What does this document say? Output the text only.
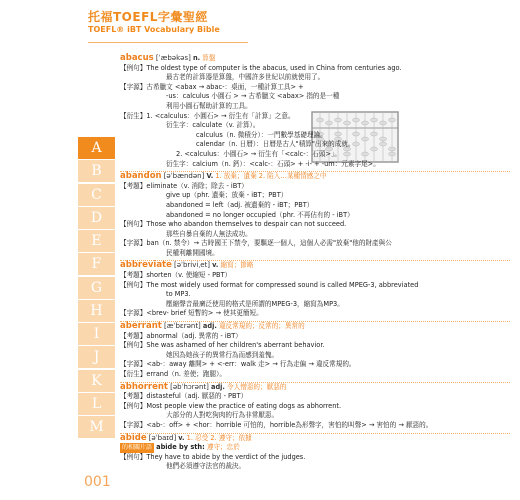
托福TOEFL字彙聖經
TOEFL® iBT Vocabulary Bible
A
B
C
D
E
F
G
H
I
J
K
L
M
001
abacus [ˈæbəkəs] n. 算盤
【例句】The oldest type of computer is the abacus, used in China from centuries ago.
最古老的計算器是算盤，中國許多世紀以前就使用了。
【字源】古希臘文 <abax → abac-：桌面，一種計算工具> +
-us：calculus 小圓石 > → 古希臘文 <abax> 指的是一種
利用小圓石幫助計算的工具。
【衍生】1. <calculus：小圓石> → 衍生有「計算」之意。
衍生字：calculate（v. 計算）。
calculus（n. 微積分）：一門數學基礎理論。
calendar（n. 日曆）：日曆是古人"積算"出來的成就。
2. <calculus：小圓石> → 衍生有「<calc-：石頭>」。
衍生字：calcium（n. 鈣）：<calc-：石頭> + -i- + -um：元素字尾>。
abandon [əˈbændən] V. 1. 放棄；遺棄 2. 陷入…某種情感之中
【考題】eliminate（v. 消除；除去 - iBT）
give up（phr. 遺棄；放棄 - iBT；PBT）
abandoned = left（adj. 被遺棄的 - iBT；PBT）
abandoned = no longer occupied（phr. 不再佔有的 - iBT）
【例句】Those who abandon themselves to despair can not succeed.
那些自暴自棄的人無法成功。
【字源】ban（n. 禁令）→ 古時國王下禁令，要驅逐一個人，這個人必需"放棄"他的財產與公
民權利離開國境。
abbreviate [əˈbriviˌet] v. 縮寫；節略
【考題】shorten（v. 使縮短 - PBT）
【例句】The most widely used format for compressed sound is called MPEG-3, abbreviated
to MP3.
壓縮聲音最廣泛使用的格式是所謂的MPEG-3，縮寫為MP3。
【字源】<brev- brief 短暫的> → 使其更簡短。
aberrant [æˈbɛrənt] adj. 違反常規的；反常的；異常的
【考題】abnormal（adj. 異常的 - iBT）
【例句】She was ashamed of her children's aberrant behavior.
她因為她孩子的異常行為而感到羞愧。
【字源】<ab-：away 離開> + <-err：walk 走> → 行為走偏 → 違反常規的。
【衍生】errand（n. 差使；跑腿）。
abhorrent [əbˈhɔrənt] adj. 令人憎惡的；厭惡的
【考題】distasteful（adj. 厭惡的 - PBT）
【例句】Most people view the practice of eating dogs as abhorrent.
大部分的人對吃狗肉的行為非常厭惡。
【字源】<ab-：off> + <hor：horrible 可怕的，horrible為形聲字，害怕的叫聲> → 害怕的 → 厭惡的。
abide [əˈbaɪd] v. 1. 忍受 2. 遵守；依據
的相關片語 abide by sth: 遵守；忠於
【例句】They have to abide by the verdict of the judges.
他們必須遵守法官的裁決。
